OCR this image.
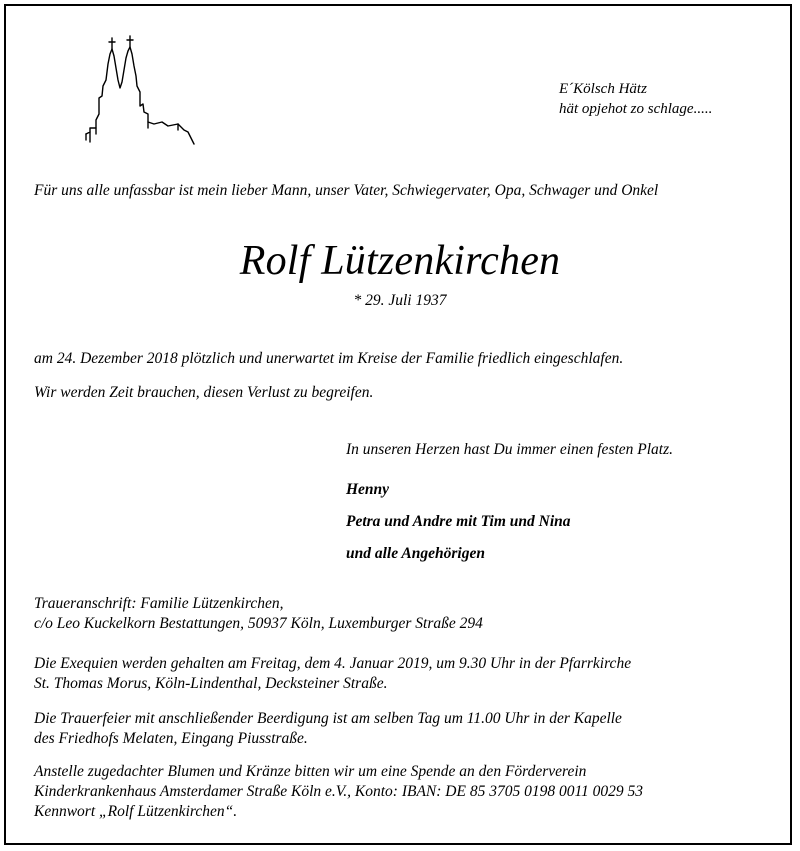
E´Kölsch Hätz
hät opjehot zo schlage.....
Für uns alle unfassbar ist mein lieber Mann, unser Vater, Schwiegervater, Opa, Schwager und Onkel
Rolf Lützenkirchen
* 29. Juli 1937
am 24. Dezember 2018 plötzlich und unerwartet im Kreise der Familie friedlich eingeschlafen.
Wir werden Zeit brauchen, diesen Verlust zu begreifen.
In unseren Herzen hast Du immer einen festen Platz.
Henny
Petra und Andre mit Tim und Nina
und alle Angehörigen
Traueranschrift: Familie Lützenkirchen,
c/o Leo Kuckelkorn Bestattungen, 50937 Köln, Luxemburger Straße 294
Die Exequien werden gehalten am Freitag, dem 4. Januar 2019, um 9.30 Uhr in der Pfarrkirche
St. Thomas Morus, Köln-Lindenthal, Decksteiner Straße.
Die Trauerfeier mit anschließender Beerdigung ist am selben Tag um 11.00 Uhr in der Kapelle
des Friedhofs Melaten, Eingang Piusstraße.
Anstelle zugedachter Blumen und Kränze bitten wir um eine Spende an den Förderverein
Kinderkrankenhaus Amsterdamer Straße Köln e.V., Konto: IBAN: DE 85 3705 0198 0011 0029 53
Kennwort „Rolf Lützenkirchen“.
